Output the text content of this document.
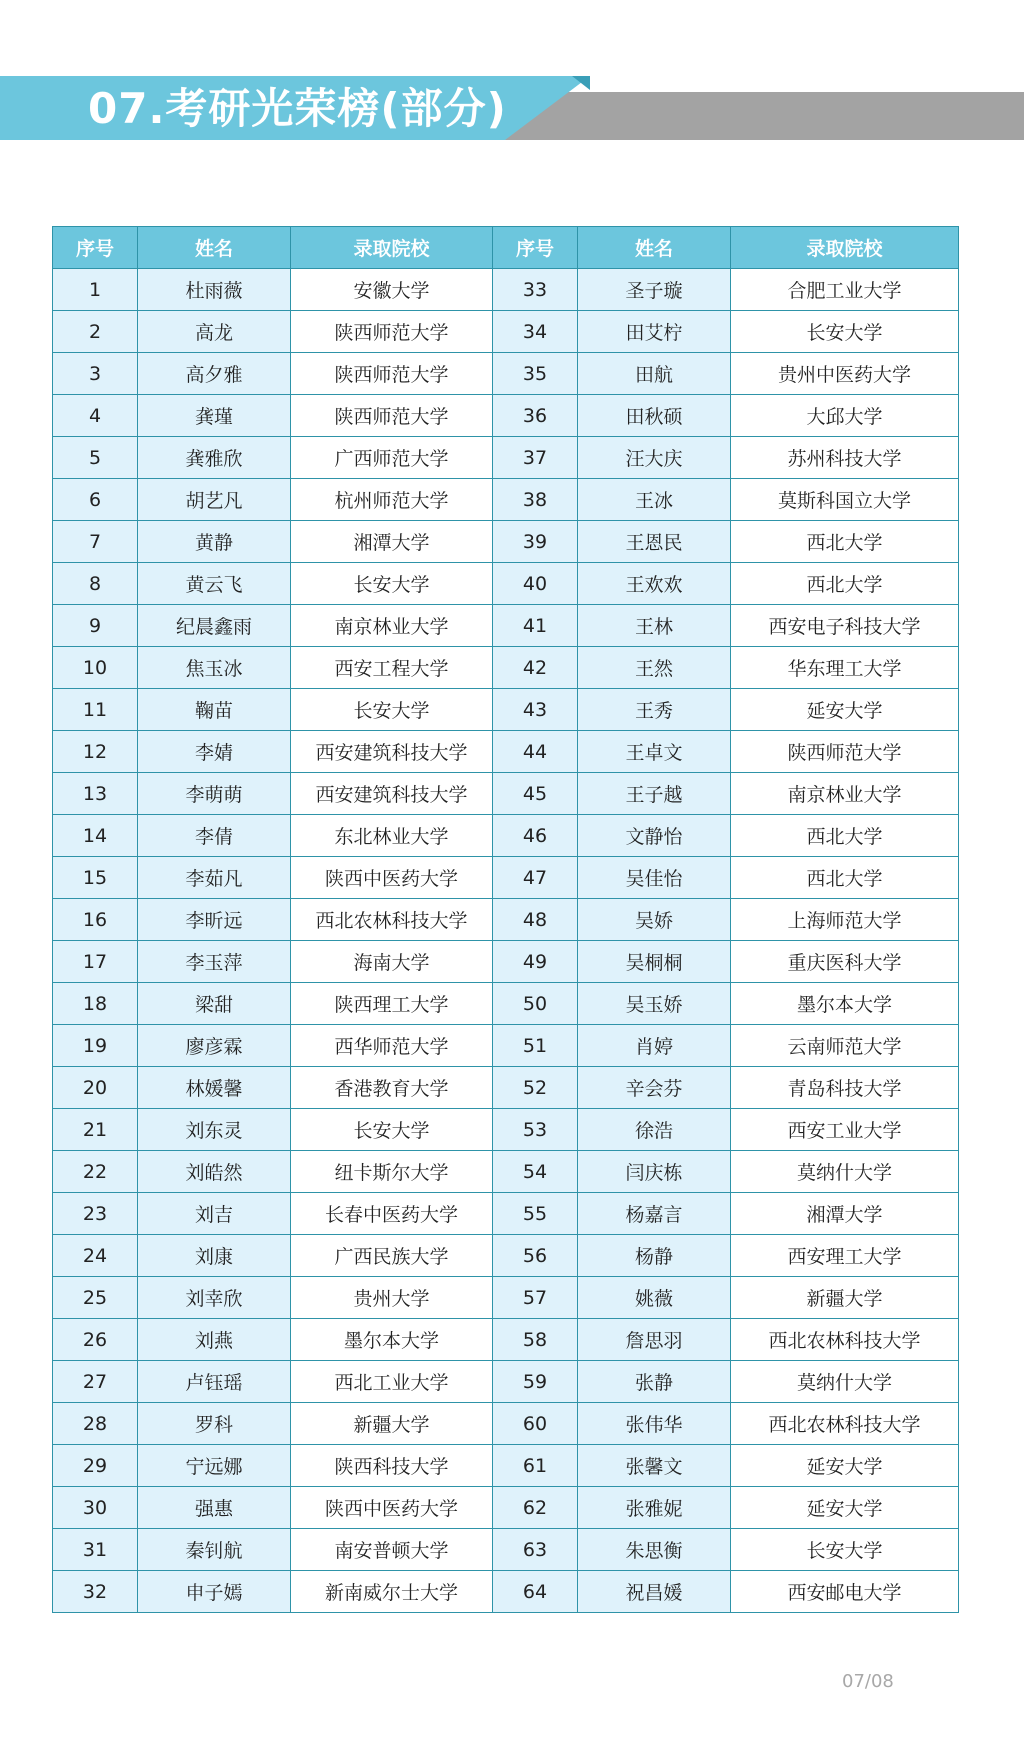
07.考研光荣榜(部分)
序号	姓名	录取院校	序号	姓名	录取院校
1	杜雨薇	安徽大学	33	圣子璇	合肥工业大学
2	高龙	陕西师范大学	34	田艾柠	长安大学
3	高夕雅	陕西师范大学	35	田航	贵州中医药大学
4	龚瑾	陕西师范大学	36	田秋硕	大邱大学
5	龚雅欣	广西师范大学	37	汪大庆	苏州科技大学
6	胡艺凡	杭州师范大学	38	王冰	莫斯科国立大学
7	黄静	湘潭大学	39	王恩民	西北大学
8	黄云飞	长安大学	40	王欢欢	西北大学
9	纪晨鑫雨	南京林业大学	41	王林	西安电子科技大学
10	焦玉冰	西安工程大学	42	王然	华东理工大学
11	鞠苗	长安大学	43	王秀	延安大学
12	李婧	西安建筑科技大学	44	王卓文	陕西师范大学
13	李萌萌	西安建筑科技大学	45	王子越	南京林业大学
14	李倩	东北林业大学	46	文静怡	西北大学
15	李茹凡	陕西中医药大学	47	吴佳怡	西北大学
16	李昕远	西北农林科技大学	48	吴娇	上海师范大学
17	李玉萍	海南大学	49	吴桐桐	重庆医科大学
18	梁甜	陕西理工大学	50	吴玉娇	墨尔本大学
19	廖彦霖	西华师范大学	51	肖婷	云南师范大学
20	林媛馨	香港教育大学	52	辛会芬	青岛科技大学
21	刘东灵	长安大学	53	徐浩	西安工业大学
22	刘皓然	纽卡斯尔大学	54	闫庆栋	莫纳什大学
23	刘吉	长春中医药大学	55	杨嘉言	湘潭大学
24	刘康	广西民族大学	56	杨静	西安理工大学
25	刘幸欣	贵州大学	57	姚薇	新疆大学
26	刘燕	墨尔本大学	58	詹思羽	西北农林科技大学
27	卢钰瑶	西北工业大学	59	张静	莫纳什大学
28	罗科	新疆大学	60	张伟华	西北农林科技大学
29	宁远娜	陕西科技大学	61	张馨文	延安大学
30	强惠	陕西中医药大学	62	张雅妮	延安大学
31	秦钊航	南安普顿大学	63	朱思衡	长安大学
32	申子嫣	新南威尔士大学	64	祝昌媛	西安邮电大学
07/08
